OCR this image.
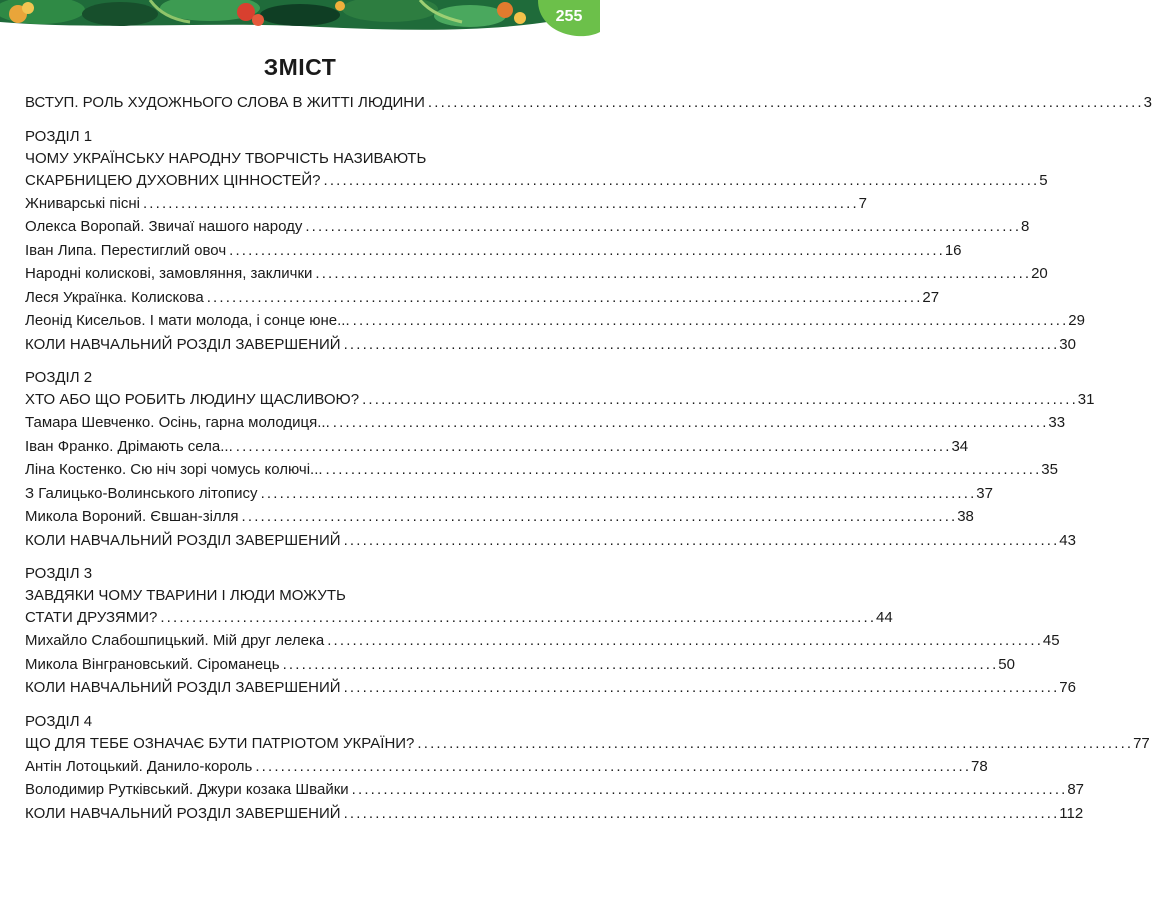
255
ЗМІСТ
ВСТУП. РОЛЬ ХУДОЖНЬОГО СЛОВА В ЖИТТІ ЛЮДИНИ . . .	3
РОЗДІЛ 1
ЧОМУ УКРАЇНСЬКУ НАРОДНУ ТВОРЧІСТЬ НАЗИВАЮТЬ
СКАРБНИЦЕЮ ДУХОВНИХ ЦІННОСТЕЙ? . . .	5
Жниварські пісні . . .	7
Олекса Воропай. Звичаї нашого народу . . .	8
Іван Липа. Перестиглий овоч . . .	16
Народні колискові, замовляння, заклички . . .	20
Леся Українка. Колискова . . .	27
Леонід Кисельов. І мати молода, і сонце юне... . . .	29
КОЛИ НАВЧАЛЬНИЙ РОЗДІЛ ЗАВЕРШЕНИЙ . . .	30
РОЗДІЛ 2
ХТО АБО ЩО РОБИТЬ ЛЮДИНУ ЩАСЛИВОЮ? . . .	31
Тамара Шевченко. Осінь, гарна молодиця... . . .	33
Іван Франко. Дрімають села... . . .	34
Ліна Костенко. Сю ніч зорі чомусь колючі... . . .	35
З Галицько-Волинського літопису . . .	37
Микола Вороний. Євшан-зілля . . .	38
КОЛИ НАВЧАЛЬНИЙ РОЗДІЛ ЗАВЕРШЕНИЙ . . .	43
РОЗДІЛ 3
ЗАВДЯКИ ЧОМУ ТВАРИНИ І ЛЮДИ МОЖУТЬ
СТАТИ ДРУЗЯМИ? . . .	44
Михайло Слабошпицький. Мій друг лелека . . .	45
Микола Вінграновський. Сіроманець . . .	50
КОЛИ НАВЧАЛЬНИЙ РОЗДІЛ ЗАВЕРШЕНИЙ . . .	76
РОЗДІЛ 4
ЩО ДЛЯ ТЕБЕ ОЗНАЧАЄ БУТИ ПАТРІОТОМ УКРАЇНИ? . . .	77
Антін Лотоцький. Данило-король . . .	78
Володимир Рутківський. Джури козака Швайки . . .	87
КОЛИ НАВЧАЛЬНИЙ РОЗДІЛ ЗАВЕРШЕНИЙ . . .	112
